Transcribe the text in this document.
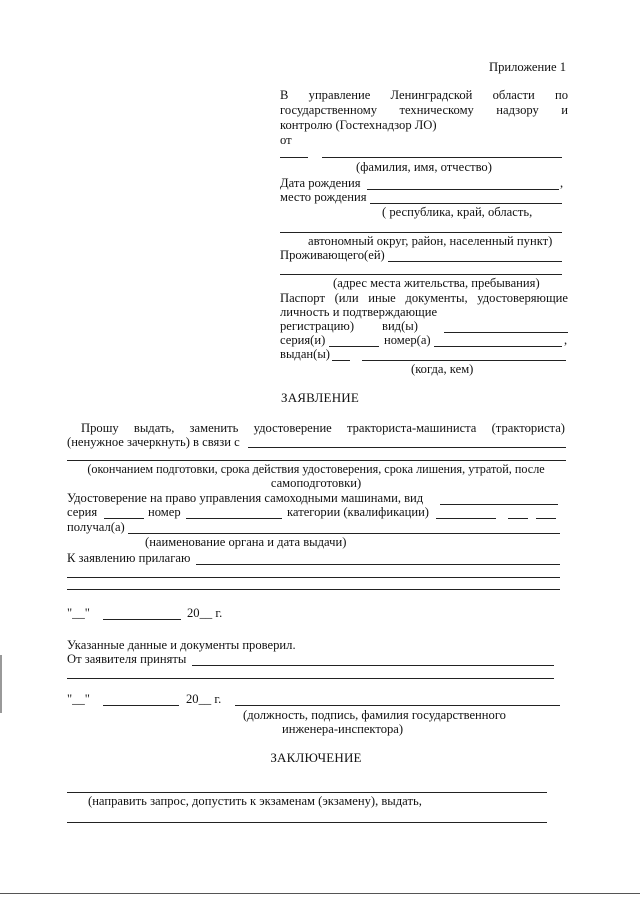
Приложение 1
В управление Ленинградской области по
государственному техническому надзору и
контролю (Гостехнадзор ЛО)
от
(фамилия, имя, отчество)
Дата рождения	,
место рождения
( республика, край, область,
автономный округ, район, населенный пункт)
Проживающего(ей)
(адрес места жительства, пребывания)
Паспорт (или иные документы, удостоверяющие
личность и подтверждающие
регистрацию) вид(ы)
серия(и)	номер(а)	,
выдан(ы)
(когда, кем)
ЗАЯВЛЕНИЕ
Прошу выдать, заменить удостоверение тракториста-машиниста (тракториста)
(ненужное зачеркнуть) в связи с
(окончанием подготовки, срока действия удостоверения, срока лишения, утратой, после
самоподготовки)
Удостоверение на право управления самоходными машинами, вид
серия	номер	категории (квалификации)
получал(а)
(наименование органа и дата выдачи)
К заявлению прилагаю
"__"	20__ г.
Указанные данные и документы проверил.
От заявителя приняты
"__"	20__ г.
(должность, подпись, фамилия государственного
инженера-инспектора)
ЗАКЛЮЧЕНИЕ
(направить запрос, допустить к экзаменам (экзамену), выдать,
